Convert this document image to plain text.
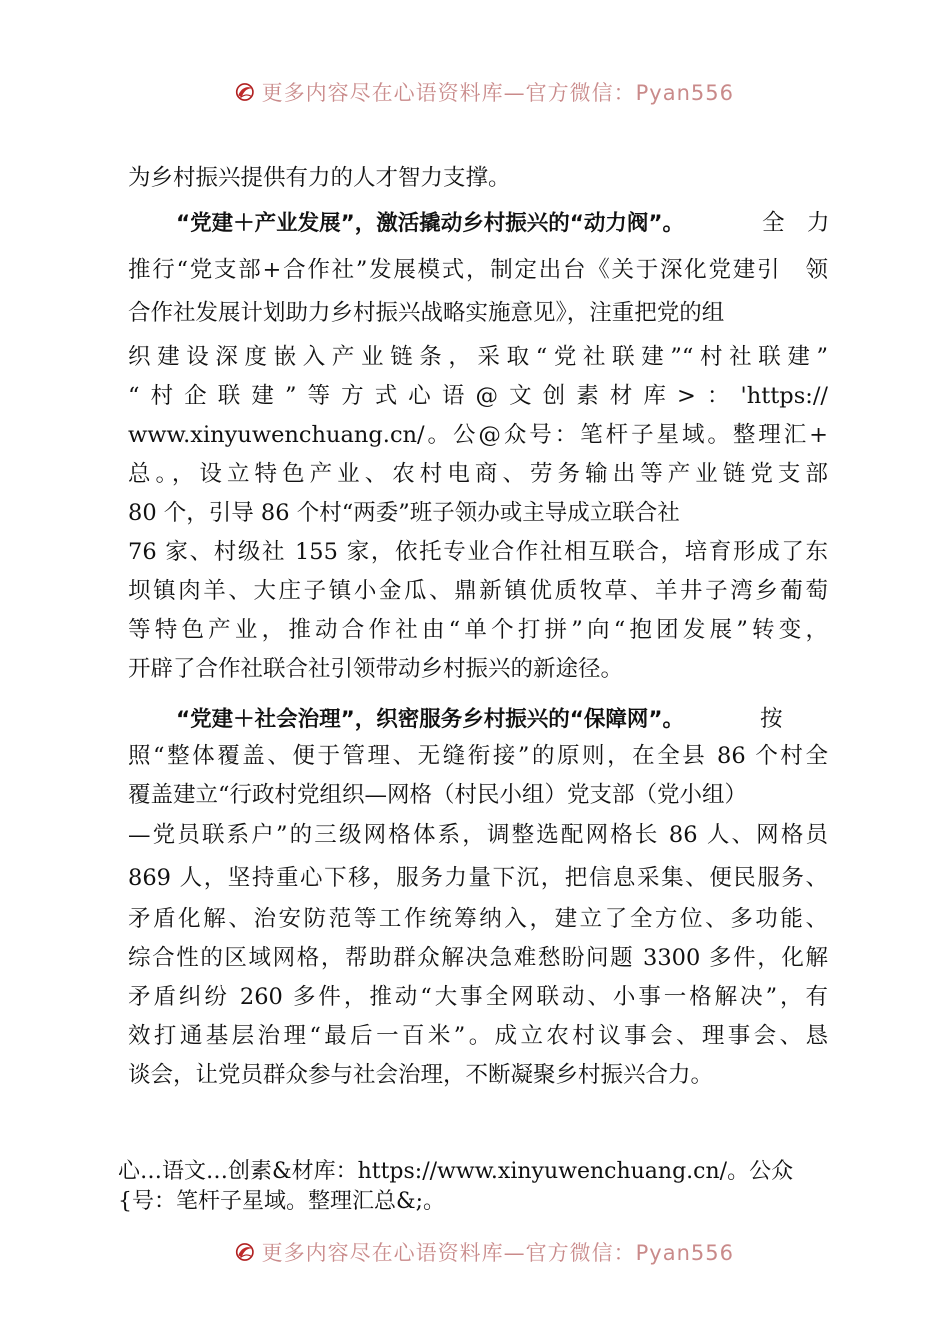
更多内容尽在心语资料库—官方微信：Pyan556
为乡村振兴提供有力的人才智力支撑。
“党建＋产业发展”，激活撬动乡村振兴的“动力阀”。	全　力
推行“党支部+合作社”发展模式，制定出台《关于深化党建引　领
合作社发展计划助力乡村振兴战略实施意见》，注重把党的组
织建设深度嵌入产业链条，采取“党社联建”“村社联建”
“村企联建”等方式心语@文创素材库>：'https://
www.xinyuwenchuang.cn/。公@众号：笔杆子星域。整理汇+
总。，设立特色产业、农村电商、劳务输出等产业链党支部
80 个，引导 86 个村“两委”班子领办或主导成立联合社
76 家、村级社 155 家，依托专业合作社相互联合，培育形成了东
坝镇肉羊、大庄子镇小金瓜、鼎新镇优质牧草、羊井子湾乡葡萄
等特色产业，推动合作社由“单个打拼”向“抱团发展”转变，
开辟了合作社联合社引领带动乡村振兴的新途径。
“党建＋社会治理”，织密服务乡村振兴的“保障网”。	按
照“整体覆盖、便于管理、无缝衔接”的原则，在全县 86 个村全
覆盖建立“行政村党组织—网格（村民小组）党支部（党小组）
—党员联系户”的三级网格体系，调整选配网格长 86 人、网格员
869 人，坚持重心下移，服务力量下沉，把信息采集、便民服务、
矛盾化解、治安防范等工作统筹纳入，建立了全方位、多功能、
综合性的区域网格，帮助群众解决急难愁盼问题 3300 多件，化解
矛盾纠纷 260 多件，推动“大事全网联动、小事一格解决”，有
效打通基层治理“最后一百米”。成立农村议事会、理事会、恳
谈会，让党员群众参与社会治理，不断凝聚乡村振兴合力。
心…语文…创素&材库：https://www.xinyuwenchuang.cn/。公众
{号：笔杆子星域。整理汇总&;。
更多内容尽在心语资料库—官方微信：Pyan556
